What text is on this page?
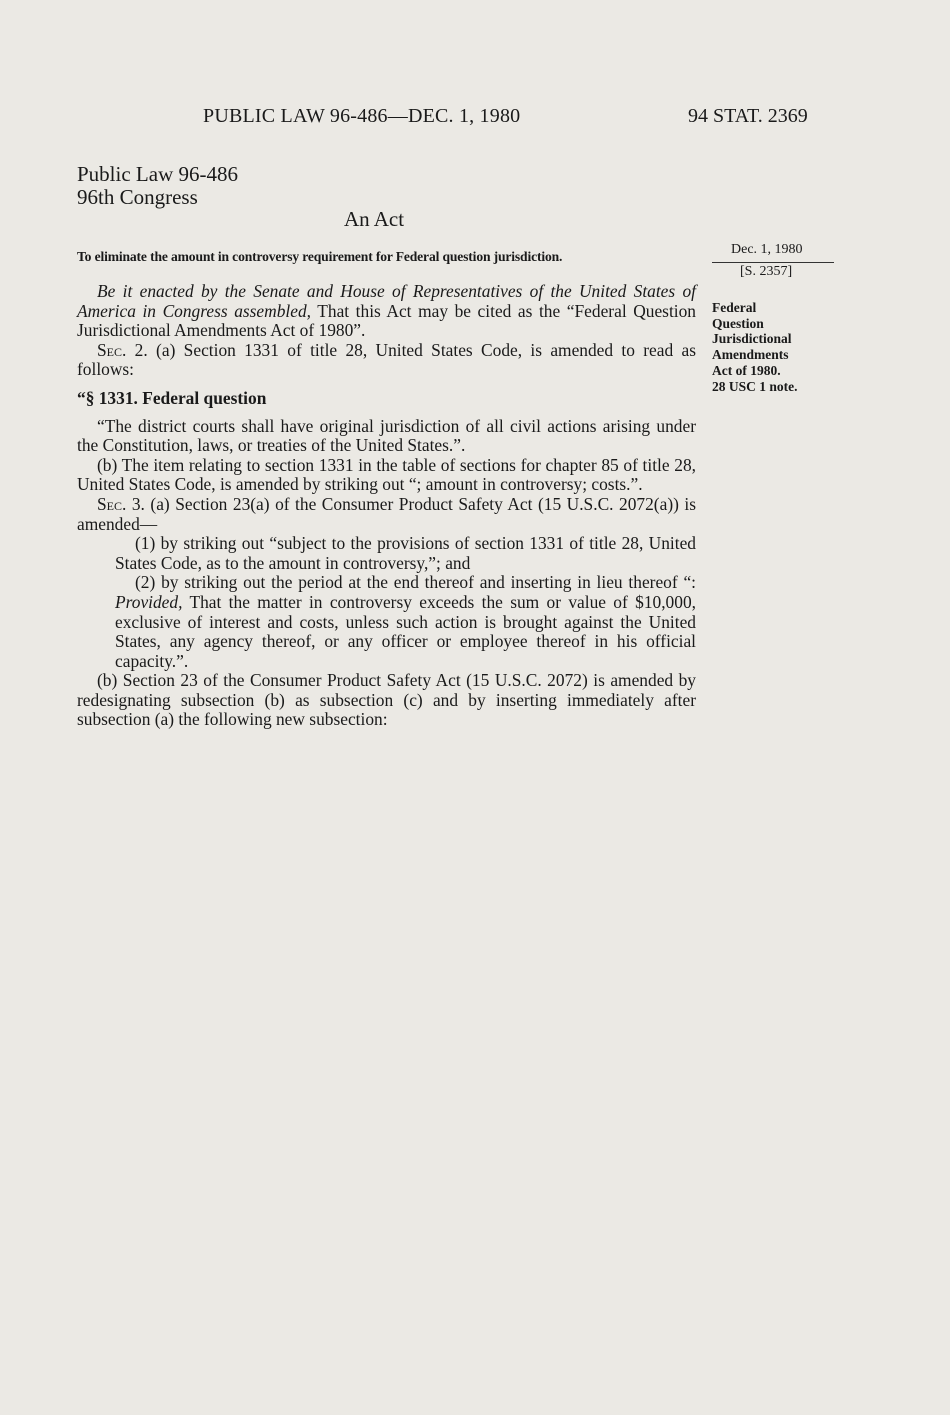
PUBLIC LAW 96-486—DEC. 1, 1980	94 STAT. 2369
Public Law 96-486
96th Congress
An Act
To eliminate the amount in controversy requirement for Federal question jurisdiction.	Dec. 1, 1980
[S. 2357]
Federal
Question
Jurisdictional
Amendments
Act of 1980.
28 USC 1 note.

Be it enacted by the Senate and House of Representatives of the United States of America in Congress assembled, That this Act may be cited as the “Federal Question Jurisdictional Amendments Act of 1980”.

Sec. 2. (a) Section 1331 of title 28, United States Code, is amended to read as follows:

“§ 1331. Federal question

“The district courts shall have original jurisdiction of all civil actions arising under the Constitution, laws, or treaties of the United States.”.

(b) The item relating to section 1331 in the table of sections for chapter 85 of title 28, United States Code, is amended by striking out “; amount in controversy; costs.”.

Sec. 3. (a) Section 23(a) of the Consumer Product Safety Act (15 U.S.C. 2072(a)) is amended—

(1) by striking out “subject to the provisions of section 1331 of title 28, United States Code, as to the amount in controversy,”; and

(2) by striking out the period at the end thereof and inserting in lieu thereof “: Provided, That the matter in controversy exceeds the sum or value of $10,000, exclusive of interest and costs, unless such action is brought against the United States, any agency thereof, or any officer or employee thereof in his official capacity.”.

(b) Section 23 of the Consumer Product Safety Act (15 U.S.C. 2072) is amended by redesignating subsection (b) as subsection (c) and by inserting immediately after subsection (a) the following new subsection:
